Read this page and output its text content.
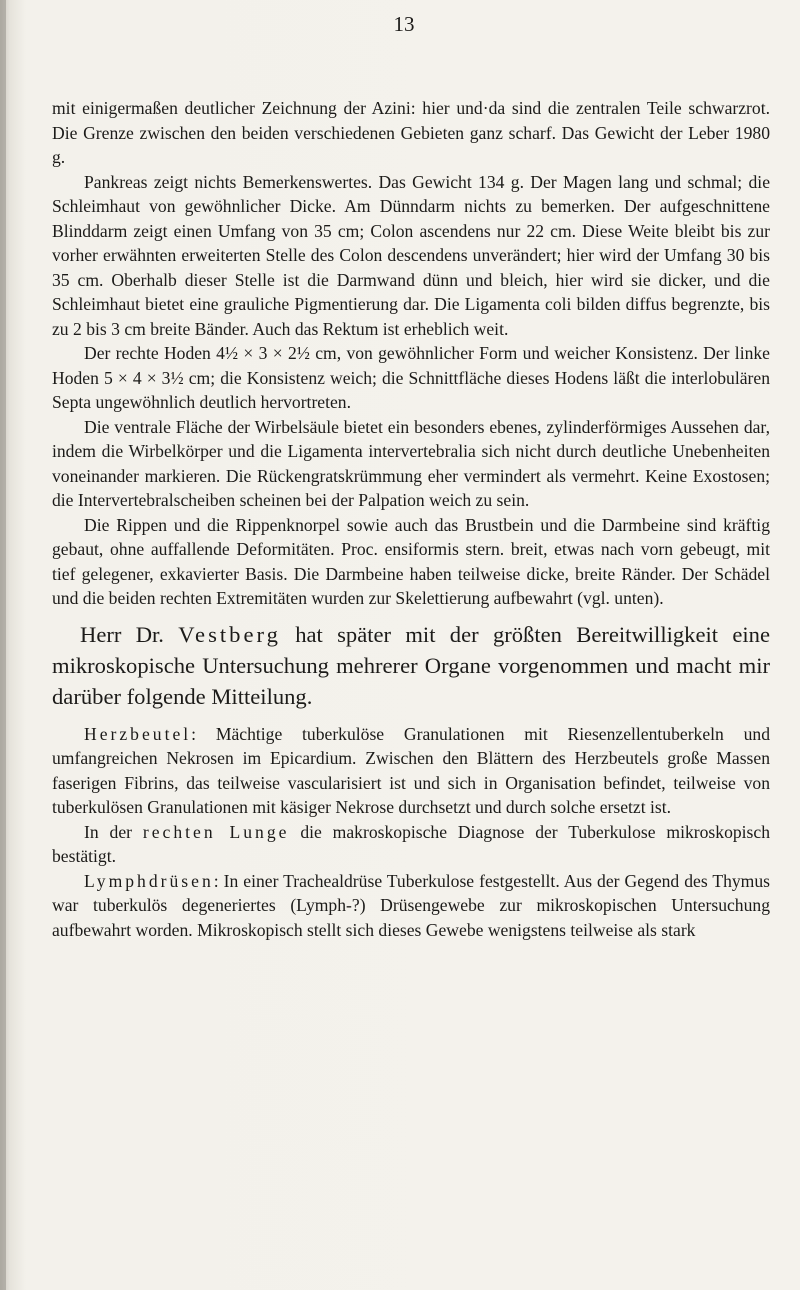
13

mit einigermaßen deutlicher Zeichnung der Azini: hier und·da sind die zentralen Teile schwarzrot. Die Grenze zwischen den beiden verschiedenen Gebieten ganz scharf. Das Gewicht der Leber 1980 g.

Pankreas zeigt nichts Bemerkenswertes. Das Gewicht 134 g. Der Magen lang und schmal; die Schleimhaut von gewöhnlicher Dicke. Am Dünndarm nichts zu bemerken. Der aufgeschnittene Blinddarm zeigt einen Umfang von 35 cm; Colon ascendens nur 22 cm. Diese Weite bleibt bis zur vorher erwähnten erweiterten Stelle des Colon descendens unverändert; hier wird der Umfang 30 bis 35 cm. Oberhalb dieser Stelle ist die Darmwand dünn und bleich, hier wird sie dicker, und die Schleimhaut bietet eine grauliche Pigmentierung dar. Die Ligamenta coli bilden diffus begrenzte, bis zu 2 bis 3 cm breite Bänder. Auch das Rektum ist erheblich weit.

Der rechte Hoden 4½ × 3 × 2½ cm, von gewöhnlicher Form und weicher Konsistenz. Der linke Hoden 5 × 4 × 3½ cm; die Konsistenz weich; die Schnittfläche dieses Hodens läßt die interlobulären Septa ungewöhnlich deutlich hervortreten.

Die ventrale Fläche der Wirbelsäule bietet ein besonders ebenes, zylinderförmiges Aussehen dar, indem die Wirbelkörper und die Ligamenta intervertebralia sich nicht durch deutliche Unebenheiten voneinander markieren. Die Rückengratskrümmung eher vermindert als vermehrt. Keine Exostosen; die Intervertebralscheiben scheinen bei der Palpation weich zu sein.

Die Rippen und die Rippenknorpel sowie auch das Brustbein und die Darmbeine sind kräftig gebaut, ohne auffallende Deformitäten. Proc. ensiformis stern. breit, etwas nach vorn gebeugt, mit tief gelegener, exkavierter Basis. Die Darmbeine haben teilweise dicke, breite Ränder. Der Schädel und die beiden rechten Extremitäten wurden zur Skelettierung aufbewahrt (vgl. unten).

Herr Dr. Vestberg hat später mit der größten Bereitwilligkeit eine mikroskopische Untersuchung mehrerer Organe vorgenommen und macht mir darüber folgende Mitteilung.

Herzbeutel: Mächtige tuberkulöse Granulationen mit Riesenzellentuberkeln und umfangreichen Nekrosen im Epicardium. Zwischen den Blättern des Herzbeutels große Massen faserigen Fibrins, das teilweise vascularisiert ist und sich in Organisation befindet, teilweise von tuberkulösen Granulationen mit käsiger Nekrose durchsetzt und durch solche ersetzt ist.

In der rechten Lunge die makroskopische Diagnose der Tuberkulose mikroskopisch bestätigt.

Lymphdrüsen: In einer Trachealdrüse Tuberkulose festgestellt. Aus der Gegend des Thymus war tuberkulös degeneriertes (Lymph-?) Drüsengewebe zur mikroskopischen Untersuchung aufbewahrt worden. Mikroskopisch stellt sich dieses Gewebe wenigstens teilweise als stark
